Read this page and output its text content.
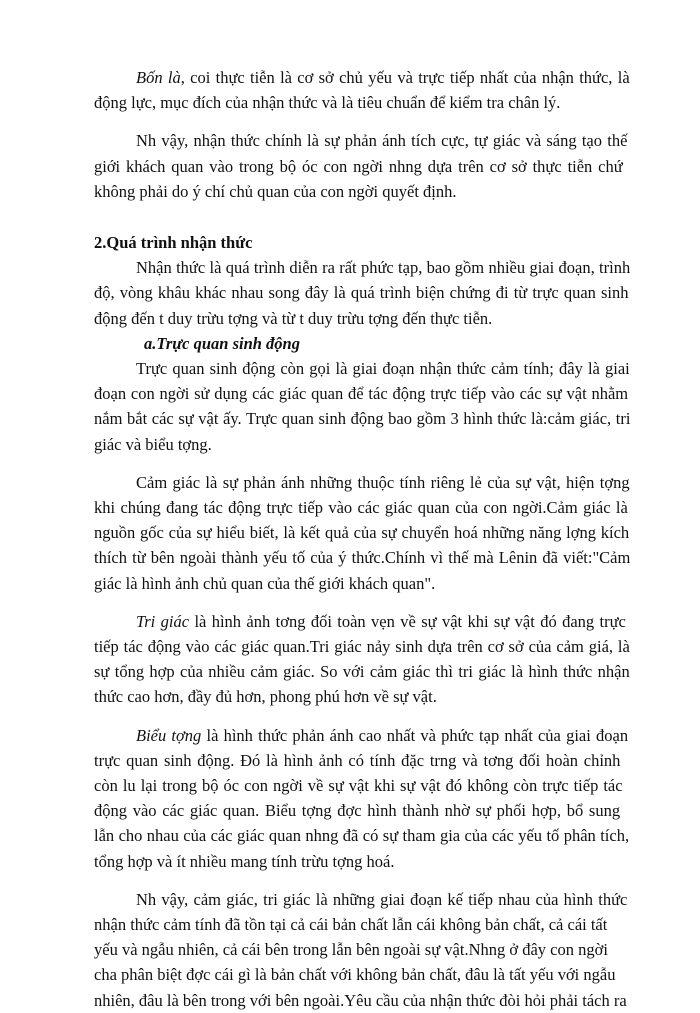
Bốn là, coi thực tiễn là cơ sở chủ yếu và trực tiếp nhất của nhận thức, là
động lực, mục đích của nhận thức và là tiêu chuẩn để kiểm tra chân lý.
Nh vậy, nhận thức chính là sự phản ánh tích cực, tự giác và sáng tạo thế
giới khách quan vào trong bộ óc con ngời nhng dựa trên cơ sở thực tiễn chứ
không phải do ý chí chủ quan của con ngời quyết định.
2.Quá trình nhận thức
Nhận thức là quá trình diễn ra rất phức tạp, bao gồm nhiều giai đoạn, trình
độ, vòng khâu khác nhau song đây là quá trình biện chứng đi từ trực quan sinh
động đến t duy trừu tợng và từ t duy trừu tợng đến thực tiễn.
a.Trực quan sinh động
Trực quan sinh động còn gọi là giai đoạn nhận thức cảm tính; đây là giai
đoạn con ngời sử dụng các giác quan để tác động trực tiếp vào các sự vật nhằm
nắm bắt các sự vật ấy. Trực quan sinh động bao gồm 3 hình thức là:cảm giác, tri
giác và biểu tợng.
Cảm giác là sự phản ánh những thuộc tính riêng lẻ của sự vật, hiện tợng
khi chúng đang tác động trực tiếp vào các giác quan của con ngời.Cảm giác là
nguồn gốc của sự hiểu biết, là kết quả của sự chuyển hoá những năng lợng kích
thích từ bên ngoài thành yếu tố của ý thức.Chính vì thế mà Lênin đã viết:"Cảm
giác là hình ảnh chủ quan của thế giới khách quan".
Tri giác là hình ảnh tơng đối toàn vẹn về sự vật khi sự vật đó đang trực
tiếp tác động vào các giác quan.Tri giác nảy sinh dựa trên cơ sở của cảm giá, là
sự tổng hợp của nhiều cảm giác. So với cảm giác thì tri giác là hình thức nhận
thức cao hơn, đầy đủ hơn, phong phú hơn về sự vật.
Biểu tợng là hình thức phản ánh cao nhất và phức tạp nhất của giai đoạn
trực quan sinh động. Đó là hình ảnh có tính đặc trng và tơng đối hoàn chỉnh
còn lu lại trong bộ óc con ngời về sự vật khi sự vật đó không còn trực tiếp tác
động vào các giác quan. Biểu tợng đợc hình thành nhờ sự phối hợp, bổ sung
lẫn cho nhau của các giác quan nhng đã có sự tham gia của các yếu tố phân tích,
tổng hợp và ít nhiều mang tính trừu tợng hoá.
Nh vậy, cảm giác, tri giác là những giai đoạn kế tiếp nhau của hình thức
nhận thức cảm tính đã tồn tại cả cái bản chất lẫn cái không bản chất, cả cái tất
yếu và ngẫu nhiên, cả cái bên trong lẫn bên ngoài sự vật.Nhng ở đây con ngời
cha phân biệt đợc cái gì là bản chất với không bản chất, đâu là tất yếu với ngẫu
nhiên, đâu là bên trong với bên ngoài.Yêu cầu của nhận thức đòi hỏi phải tách ra
